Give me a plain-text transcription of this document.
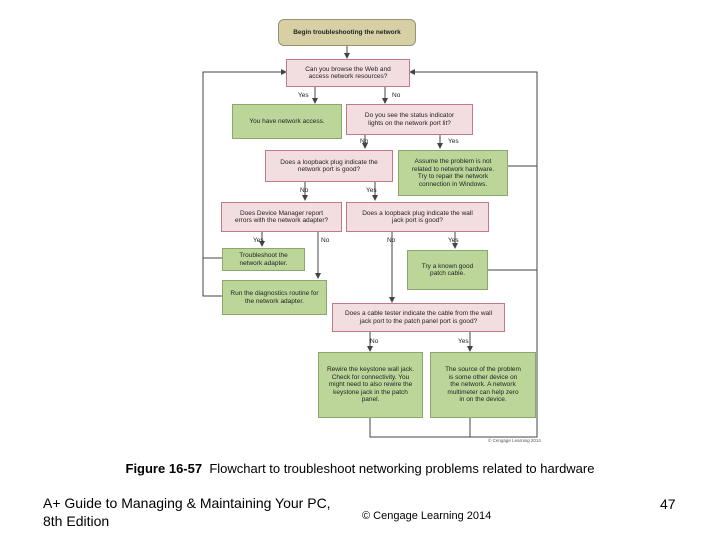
Begin troubleshooting the network
Can you browse the Web and
access network resources?
You have network access.
Do you see the status indicator
lights on the network port lit?
Does a loopback plug indicate the
network port is good?
Assume the problem is not
related to network hardware.
Try to repair the network
connection in Windows.
Does Device Manager report
errors with the network adapter?
Does a loopback plug indicate the wall
jack port is good?
Troubleshoot the
network adapter.
Run the diagnostics routine for
the network adapter.
Try a known good
patch cable.
Does a cable tester indicate the cable from the wall
jack port to the patch panel port is good?
Rewire the keystone wall jack.
Check for connectivity. You
might need to also rewire the
keystone jack in the patch
panel.
The source of the problem
is some other device on
the network. A network
multimeter can help zero
in on the device.
Yes	No
No	Yes
No	Yes
Yes	No	No	Yes
No	Yes
© Cengage Learning 2014
Figure 16-57 Flowchart to troubleshoot networking problems related to hardware
A+ Guide to Managing & Maintaining Your PC,
8th Edition	© Cengage Learning 2014
47
